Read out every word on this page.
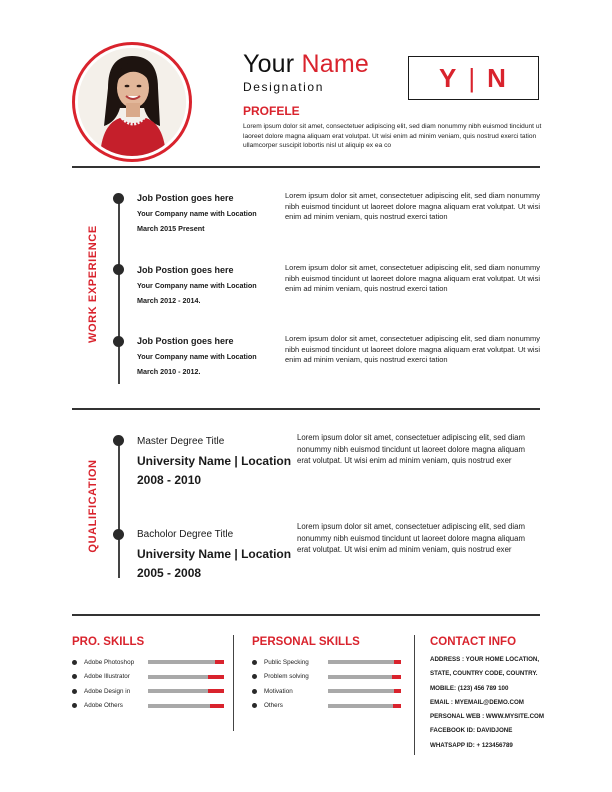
Your Name
Designation	Y | N
PROFELE
Lorem ipsum dolor sit amet, consectetuer adipiscing elit, sed diam nonummy nibh euismod tincidunt ut laoreet dolore magna aliquam erat volutpat. Ut wisi enim ad minim veniam, quis nostrud exerci tation ullamcorper suscipit lobortis nisl ut aliquip ex ea co
WORK EXPERIENCE
Job Postion goes here
Your Company name with Location
March 2015 Present
Lorem ipsum dolor sit amet, consectetuer adipiscing elit, sed diam nonummy nibh euismod tincidunt ut laoreet dolore magna aliquam erat volutpat. Ut wisi enim ad minim veniam, quis nostrud exerci tation
Job Postion goes here
Your Company name with Location
March 2012 - 2014.
Lorem ipsum dolor sit amet, consectetuer adipiscing elit, sed diam nonummy nibh euismod tincidunt ut laoreet dolore magna aliquam erat volutpat. Ut wisi enim ad minim veniam, quis nostrud exerci tation
Job Postion goes here
Your Company name with Location
March 2010 - 2012.
Lorem ipsum dolor sit amet, consectetuer adipiscing elit, sed diam nonummy nibh euismod tincidunt ut laoreet dolore magna aliquam erat volutpat. Ut wisi enim ad minim veniam, quis nostrud exerci tation
QUALIFICATION
Master Degree Title
University Name | Location
2008 - 2010
Lorem ipsum dolor sit amet, consectetuer adipiscing elit, sed diam nonummy nibh euismod tincidunt ut laoreet dolore magna aliquam erat volutpat. Ut wisi enim ad minim veniam, quis nostrud exer
Bacholor Degree Title
University Name | Location
2005 - 2008
Lorem ipsum dolor sit amet, consectetuer adipiscing elit, sed diam nonummy nibh euismod tincidunt ut laoreet dolore magna aliquam erat volutpat. Ut wisi enim ad minim veniam, quis nostrud exer
PRO. SKILLS
Adobe Photoshop
Adobe Illustrator
Adobe Design in
Adobe Others
PERSONAL SKILLS
Public Specking
Problem solving
Motivation
Others
CONTACT INFO
ADDRESS : YOUR HOME LOCATION,
STATE, COUNTRY CODE, COUNTRY.
MOBILE: (123) 456 789 100
EMAIL : MYEMAIL@DEMO.COM
PERSONAL WEB : WWW.MYSITE.COM
FACEBOOK ID: DAVIDJONE
WHATSAPP ID: + 123456789
